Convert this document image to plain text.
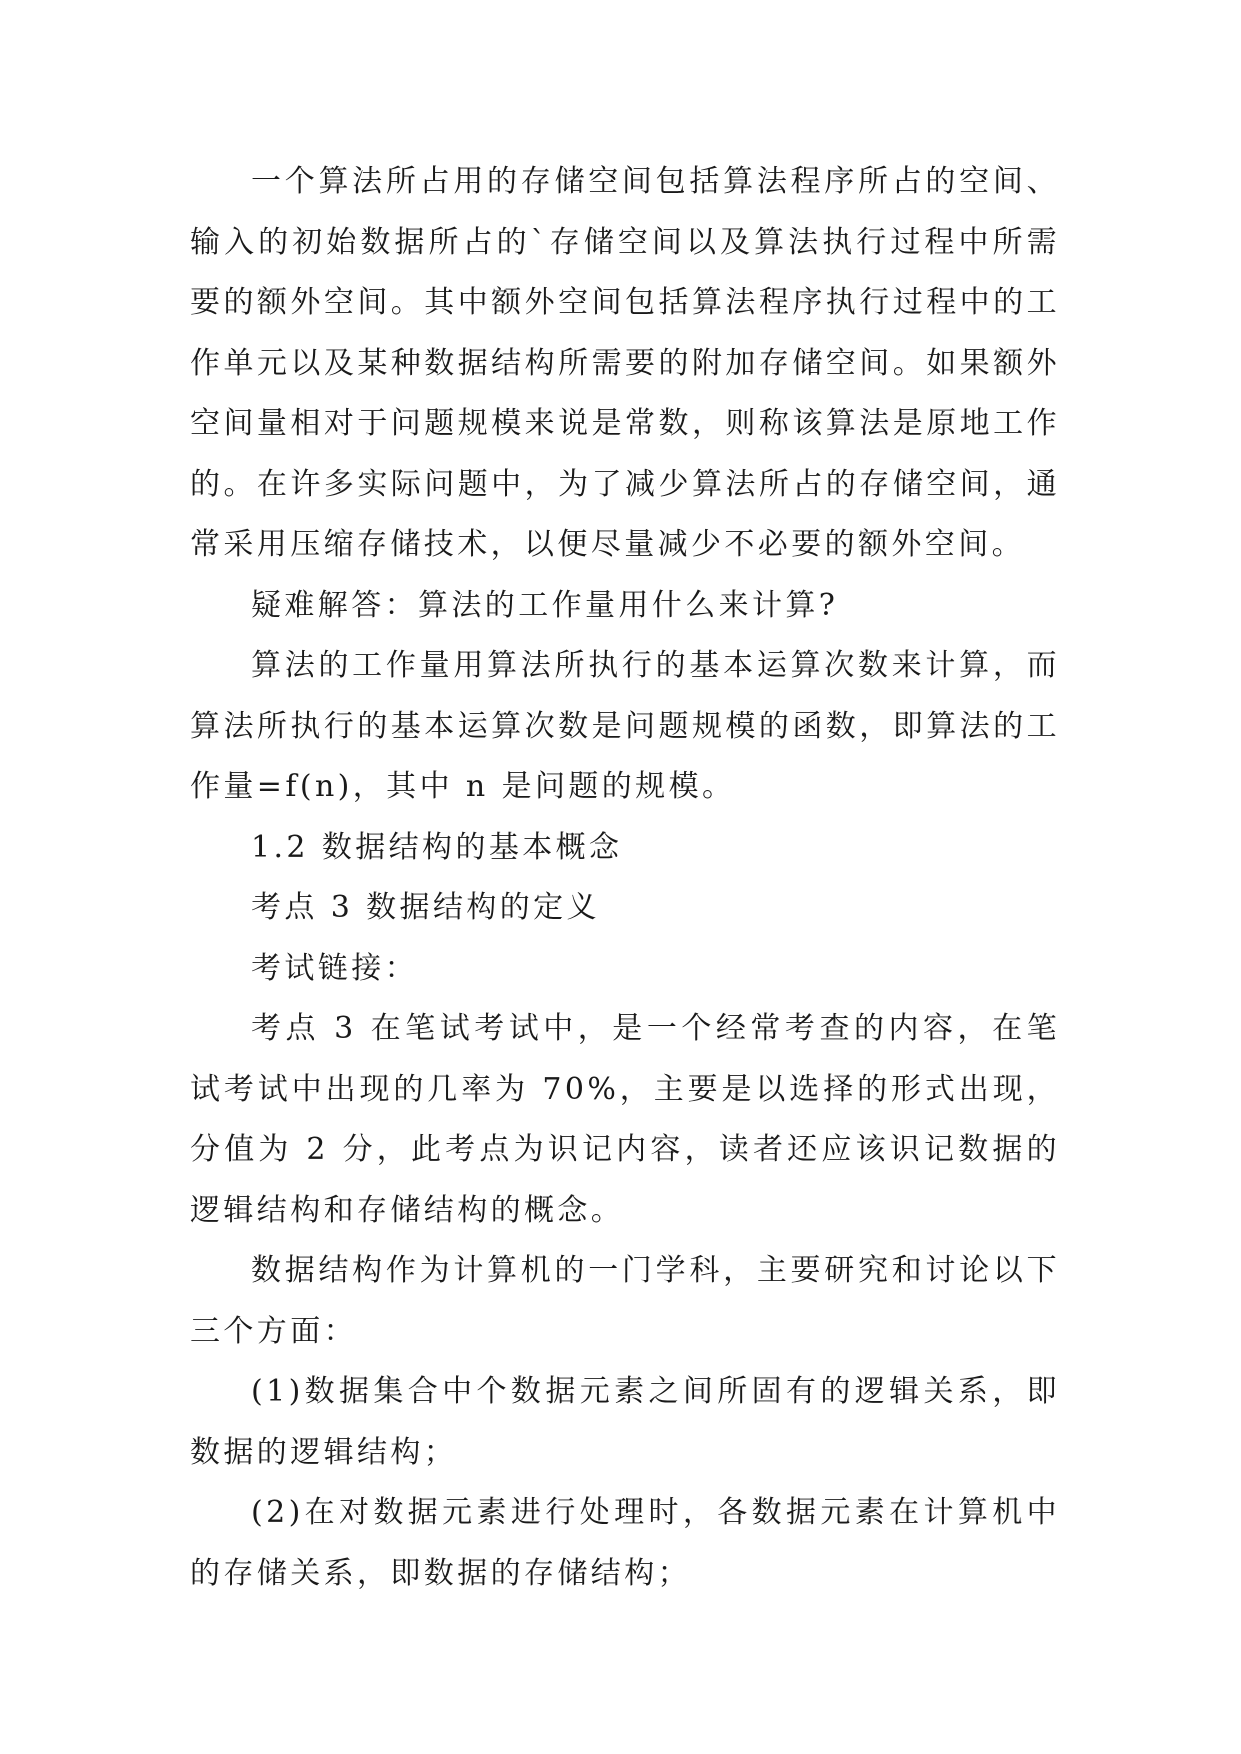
一个算法所占用的存储空间包括算法程序所占的空间、输入的初始数据所占的`存储空间以及算法执行过程中所需要的额外空间。其中额外空间包括算法程序执行过程中的工作单元以及某种数据结构所需要的附加存储空间。如果额外空间量相对于问题规模来说是常数，则称该算法是原地工作的。在许多实际问题中，为了减少算法所占的存储空间，通常采用压缩存储技术，以便尽量减少不必要的额外空间。

疑难解答：算法的工作量用什么来计算?

算法的工作量用算法所执行的基本运算次数来计算，而算法所执行的基本运算次数是问题规模的函数，即算法的工作量=f(n)，其中 n 是问题的规模。

1.2 数据结构的基本概念

考点 3 数据结构的定义

考试链接：

考点 3 在笔试考试中，是一个经常考查的内容，在笔试考试中出现的几率为 70%，主要是以选择的形式出现，分值为 2 分，此考点为识记内容，读者还应该识记数据的逻辑结构和存储结构的概念。

数据结构作为计算机的一门学科，主要研究和讨论以下三个方面：

(1)数据集合中个数据元素之间所固有的逻辑关系，即数据的逻辑结构；

(2)在对数据元素进行处理时，各数据元素在计算机中的存储关系，即数据的存储结构；
